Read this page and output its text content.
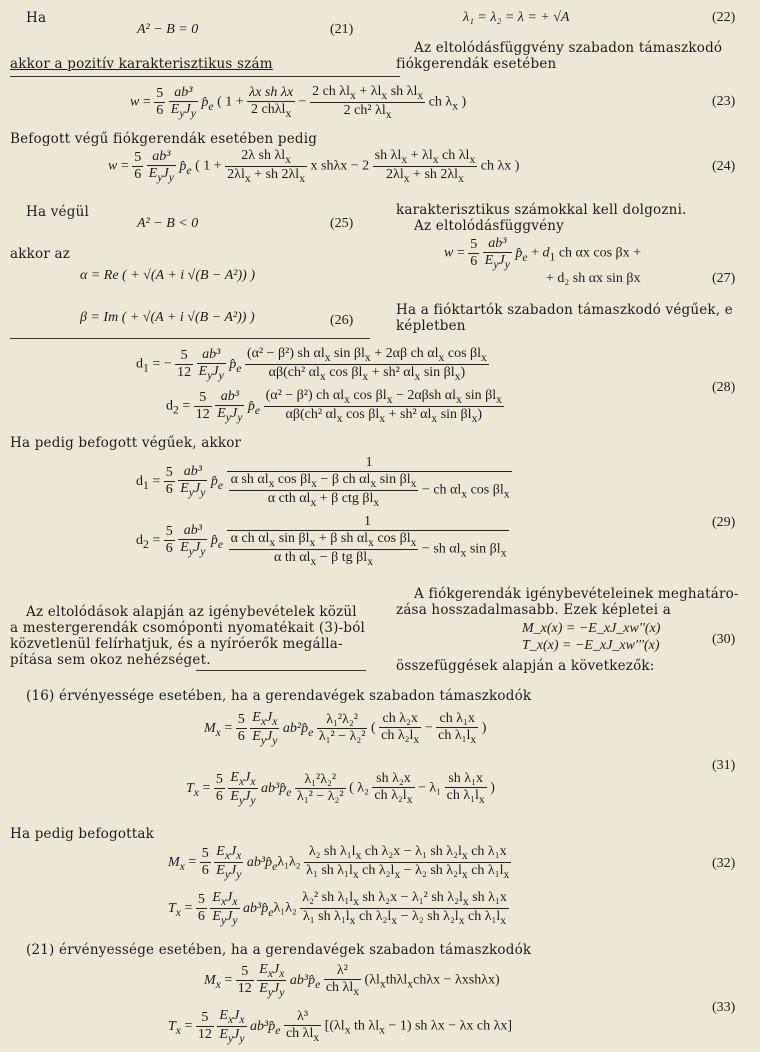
Ha
A² − B = 0	(21)
λ₁ = λ₂ = λ = + √A	(22)
akkor a pozitív karakterisztikus szám
Az eltolódásfüggvény szabadon támaszkodó
fiókgerendák esetében
$w = \frac{5}{6}$
$\frac{\text{ab³}}{E_yJ_y}$ $p̂_e$ ( $1 + \frac{\text{λx sh λx}}{2 ch\lambda l_x} - \frac{2 ch \lambda l_x + \lambda l_x sh \lambda l_x}{2 ch^2 \lambda l_x}$ ch $\lambda_x$ )	(23)
Befogott végű fiókgerendák esetében pedig
$w = \frac{5}{6}$
$\frac{\text{ab³}}{E_yJ_y}$ $p̂_e$ ( $1 + \frac{2\lambda sh \lambda l_x}{2\lambda l_x + sh 2\lambda l_x}$ x $sh\lambda x - 2 \frac{sh \lambda l_x + \lambda l_x ch \lambda l_x}{2\lambda l_x + sh 2\lambda l_x}$ ch λx )	(24)
Ha végül
A² − B < 0	(25)
akkor az
α = Re ( + √(A + i √(B − A²)) )
β = Im ( + √(A + i √(B − A²)) )	(26)
karakterisztikus számokkal kell dolgozni.
Az eltolódásfüggvény
$w = \frac{5}{6}$
$\frac{\text{ab³}}{E_yJ_y}$ $p̂_e + d_1$ ch αx cos βx +
+ d₂ sh αx sin βx	(27)
Ha a fióktartók szabadon támaszkodó végűek, e
képletben
$d_1$ = − $\frac{5}{12}$
$\frac{\text{ab³}}{E_yJ_y}$ $p̂_e \frac{(\alpha^2 - \beta^2) sh \alpha l_x \sin \beta l_x + 2\alpha\beta ch \alpha l_x \cos \beta l_x}{\alpha\beta(ch^2 \alpha l_x \cos \beta l_x + sh^2 \alpha l_x \sin \beta l_x)}$
$d_2 = \frac{5}{12}$
$\frac{\text{ab³}}{E_yJ_y}$ $p̂_e \frac{(\alpha^2 - \beta^2) ch \alpha l_x \cos \beta l_x - 2\alpha\beta sh \alpha l_x \sin \beta l_x}{\alpha\beta(ch^2 \alpha l_x \cos \beta l_x + sh^2 \alpha l_x \sin \beta l_x)}$
(28)
Ha pedig befogott végűek, akkor
$d_1 = \frac{5}{6}$
$\frac{\text{ab³}}{E_yJ_y}$ $p̂_e$
1
$\frac{\alpha sh \alpha l_x \cos \beta l_x - \beta ch \alpha l_x \sin \beta l_x}{\alpha cth \alpha l_x + \beta ctg \beta l_x}$ − ch $\alpha l_x$ $\cos \beta l_x$
$d_2 = \frac{5}{6}$
$\frac{\text{ab³}}{E_yJ_y}$ $p̂_e$
1
$\frac{\alpha ch \alpha l_x \sin \beta l_x + \beta sh \alpha l_x \cos \beta l_x}{\alpha th \alpha l_x - \beta tg \beta l_x}$ − sh $\alpha l_x$ $\sin \beta l_x$
(29)
Az eltolódások alapján az igénybevételek közül
a mestergerendák csomóponti nyomatékait (3)-ból
közvetlenül felírhatjuk, és a nyíróerők megálla-
pítása sem okoz nehézséget.
A fiókgerendák igénybevételeinek meghatáro-
zása hosszadalmasabb. Ezek képletei a
M_x(x) = −E_xJ_xw''(x)
T_x(x) = −E_xJ_xw'''(x)	(30)
összefüggések alapján a következők:
(16) érvényessége esetében, ha a gerendavégek szabadon támaszkodók
$M_x = \frac{5}{6}$
$\frac{E_xJ_x}{E_yJ_y}$ $ab^2p̂_e \frac{\text{λ₁²λ₂²}}{\text{λ₁² − λ₂²}}$ ( $\frac{\text{ch λ₂x}}{ch \lambda_2l_x} - \frac{\text{ch λ₁x}}{ch \lambda_1l_x}$ )
$T_x = \frac{5}{6}$
$\frac{E_xJ_x}{E_yJ_y}$ $ab^3p̂_e \frac{\text{λ₁²λ₂²}}{\text{λ₁² − λ₂²}}$ ( $\lambda_2 \frac{\text{sh λ₂x}}{ch \lambda_2l_x} - \lambda_1 \frac{\text{sh λ₁x}}{ch \lambda_1l_x}$ )
(31)
Ha pedig befogottak
$M_x = \frac{5}{6}$
$\frac{E_xJ_x}{E_yJ_y}$ $ab^3p̂_e\lambda_1\lambda_2 \frac{\lambda_2 sh \lambda_1l_x ch \lambda_2x - \lambda_1 sh \lambda_2l_x ch \lambda_1x}{\lambda_1 sh \lambda_1l_x ch \lambda_2l_x - \lambda_2 sh \lambda_2l_x ch \lambda_1l_x}$
$T_x = \frac{5}{6}$
$\frac{E_xJ_x}{E_yJ_y}$ $ab^3p̂_e\lambda_1\lambda_2 \frac{\lambda_2^2 sh \lambda_1l_x sh \lambda_2x - \lambda_1^2 sh \lambda_2l_x sh \lambda_1x}{\lambda_1 sh \lambda_1l_x ch \lambda_2l_x - \lambda_2 sh \lambda_2l_x ch \lambda_1l_x}$
(32)
(21) érvényessége esetében, ha a gerendavégek szabadon támaszkodók
$M_x = \frac{5}{12}$
$\frac{E_xJ_x}{E_yJ_y}$ $ab^3p̂_e \frac{\text{λ²}}{ch \lambda l_x} (\lambda l_xth\lambda l_xch\lambda x - \lambda xsh\lambda x)$
$T_x = \frac{5}{12}$
$\frac{E_xJ_x}{E_yJ_y}$ $ab^3p̂_e \frac{\text{λ³}}{ch \lambda l_x} [(\lambda l_x$ th $\lambda l_x - 1$) sh λx − λx ch λx]
(33)
